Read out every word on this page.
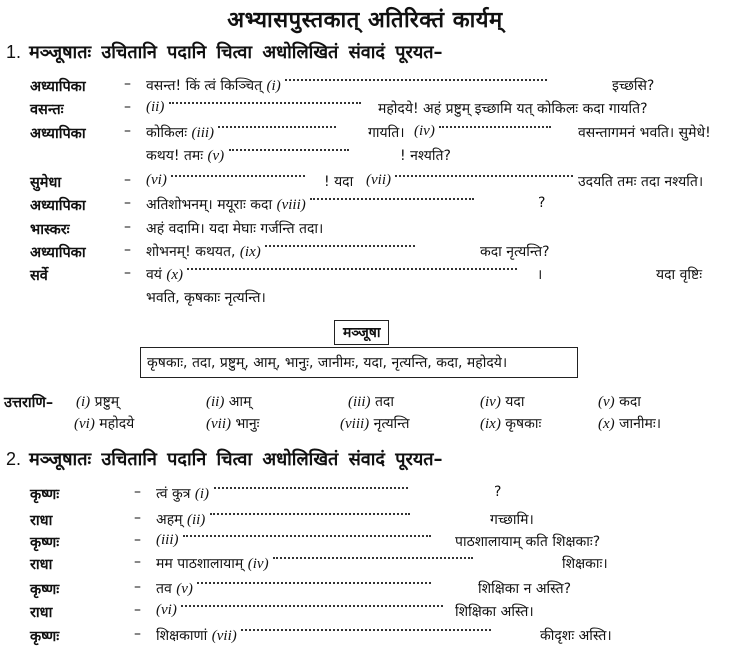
अभ्यासपुस्तकात् अतिरिक्तं कार्यम्
1. मञ्जूषातः उचितानि पदानि चित्वा अधोलिखितं संवादं पूरयत–
अध्यापिका	– वसन्त! किं त्वं किञ्चित् (i)	इच्छसि?
वसन्तः	– (ii)	महोदये! अहं प्रष्टुम् इच्छामि यत् कोकिलः कदा गायति?
अध्यापिका	– कोकिलः (iii)	गायति। (iv)	वसन्तागमनं भवति। सुमेधे!
कथय! तमः (v)	! नश्यति?
सुमेधा	– (vi)	! यदा (vii)	उदयति तमः तदा नश्यति।
अध्यापिका	– अतिशोभनम्। मयूराः कदा (viii)	?
भास्करः	– अहं वदामि। यदा मेघाः गर्जन्ति तदा।
अध्यापिका	– शोभनम्! कथयत, (ix)	कदा नृत्यन्ति?
सर्वे	– वयं (x)	।	यदा वृष्टिः
भवति, कृषकाः नृत्यन्ति।
मञ्जूषा
कृषकाः, तदा, प्रष्टुम्, आम्, भानुः, जानीमः, यदा, नृत्यन्ति, कदा, महोदये।
उत्तराणि– (i) प्रष्टुम्	(ii) आम्	(iii) तदा	(iv) यदा	(v) कदा
(vi) महोदये	(vii) भानुः	(viii) नृत्यन्ति	(ix) कृषकाः	(x) जानीमः।
2. मञ्जूषातः उचितानि पदानि चित्वा अधोलिखितं संवादं पूरयत–
कृष्णः	– त्वं कुत्र (i)	?
राधा	– अहम् (ii)	गच्छामि।
कृष्णः	– (iii)	पाठशालायाम् कति शिक्षकाः?
राधा	– मम पाठशालायाम् (iv)	शिक्षकाः।
कृष्णः	– तव (v)	शिक्षिका न अस्ति?
राधा	– (vi)	शिक्षिका अस्ति।
कृष्णः	– शिक्षकाणां (vii)	कीदृशः अस्ति।
